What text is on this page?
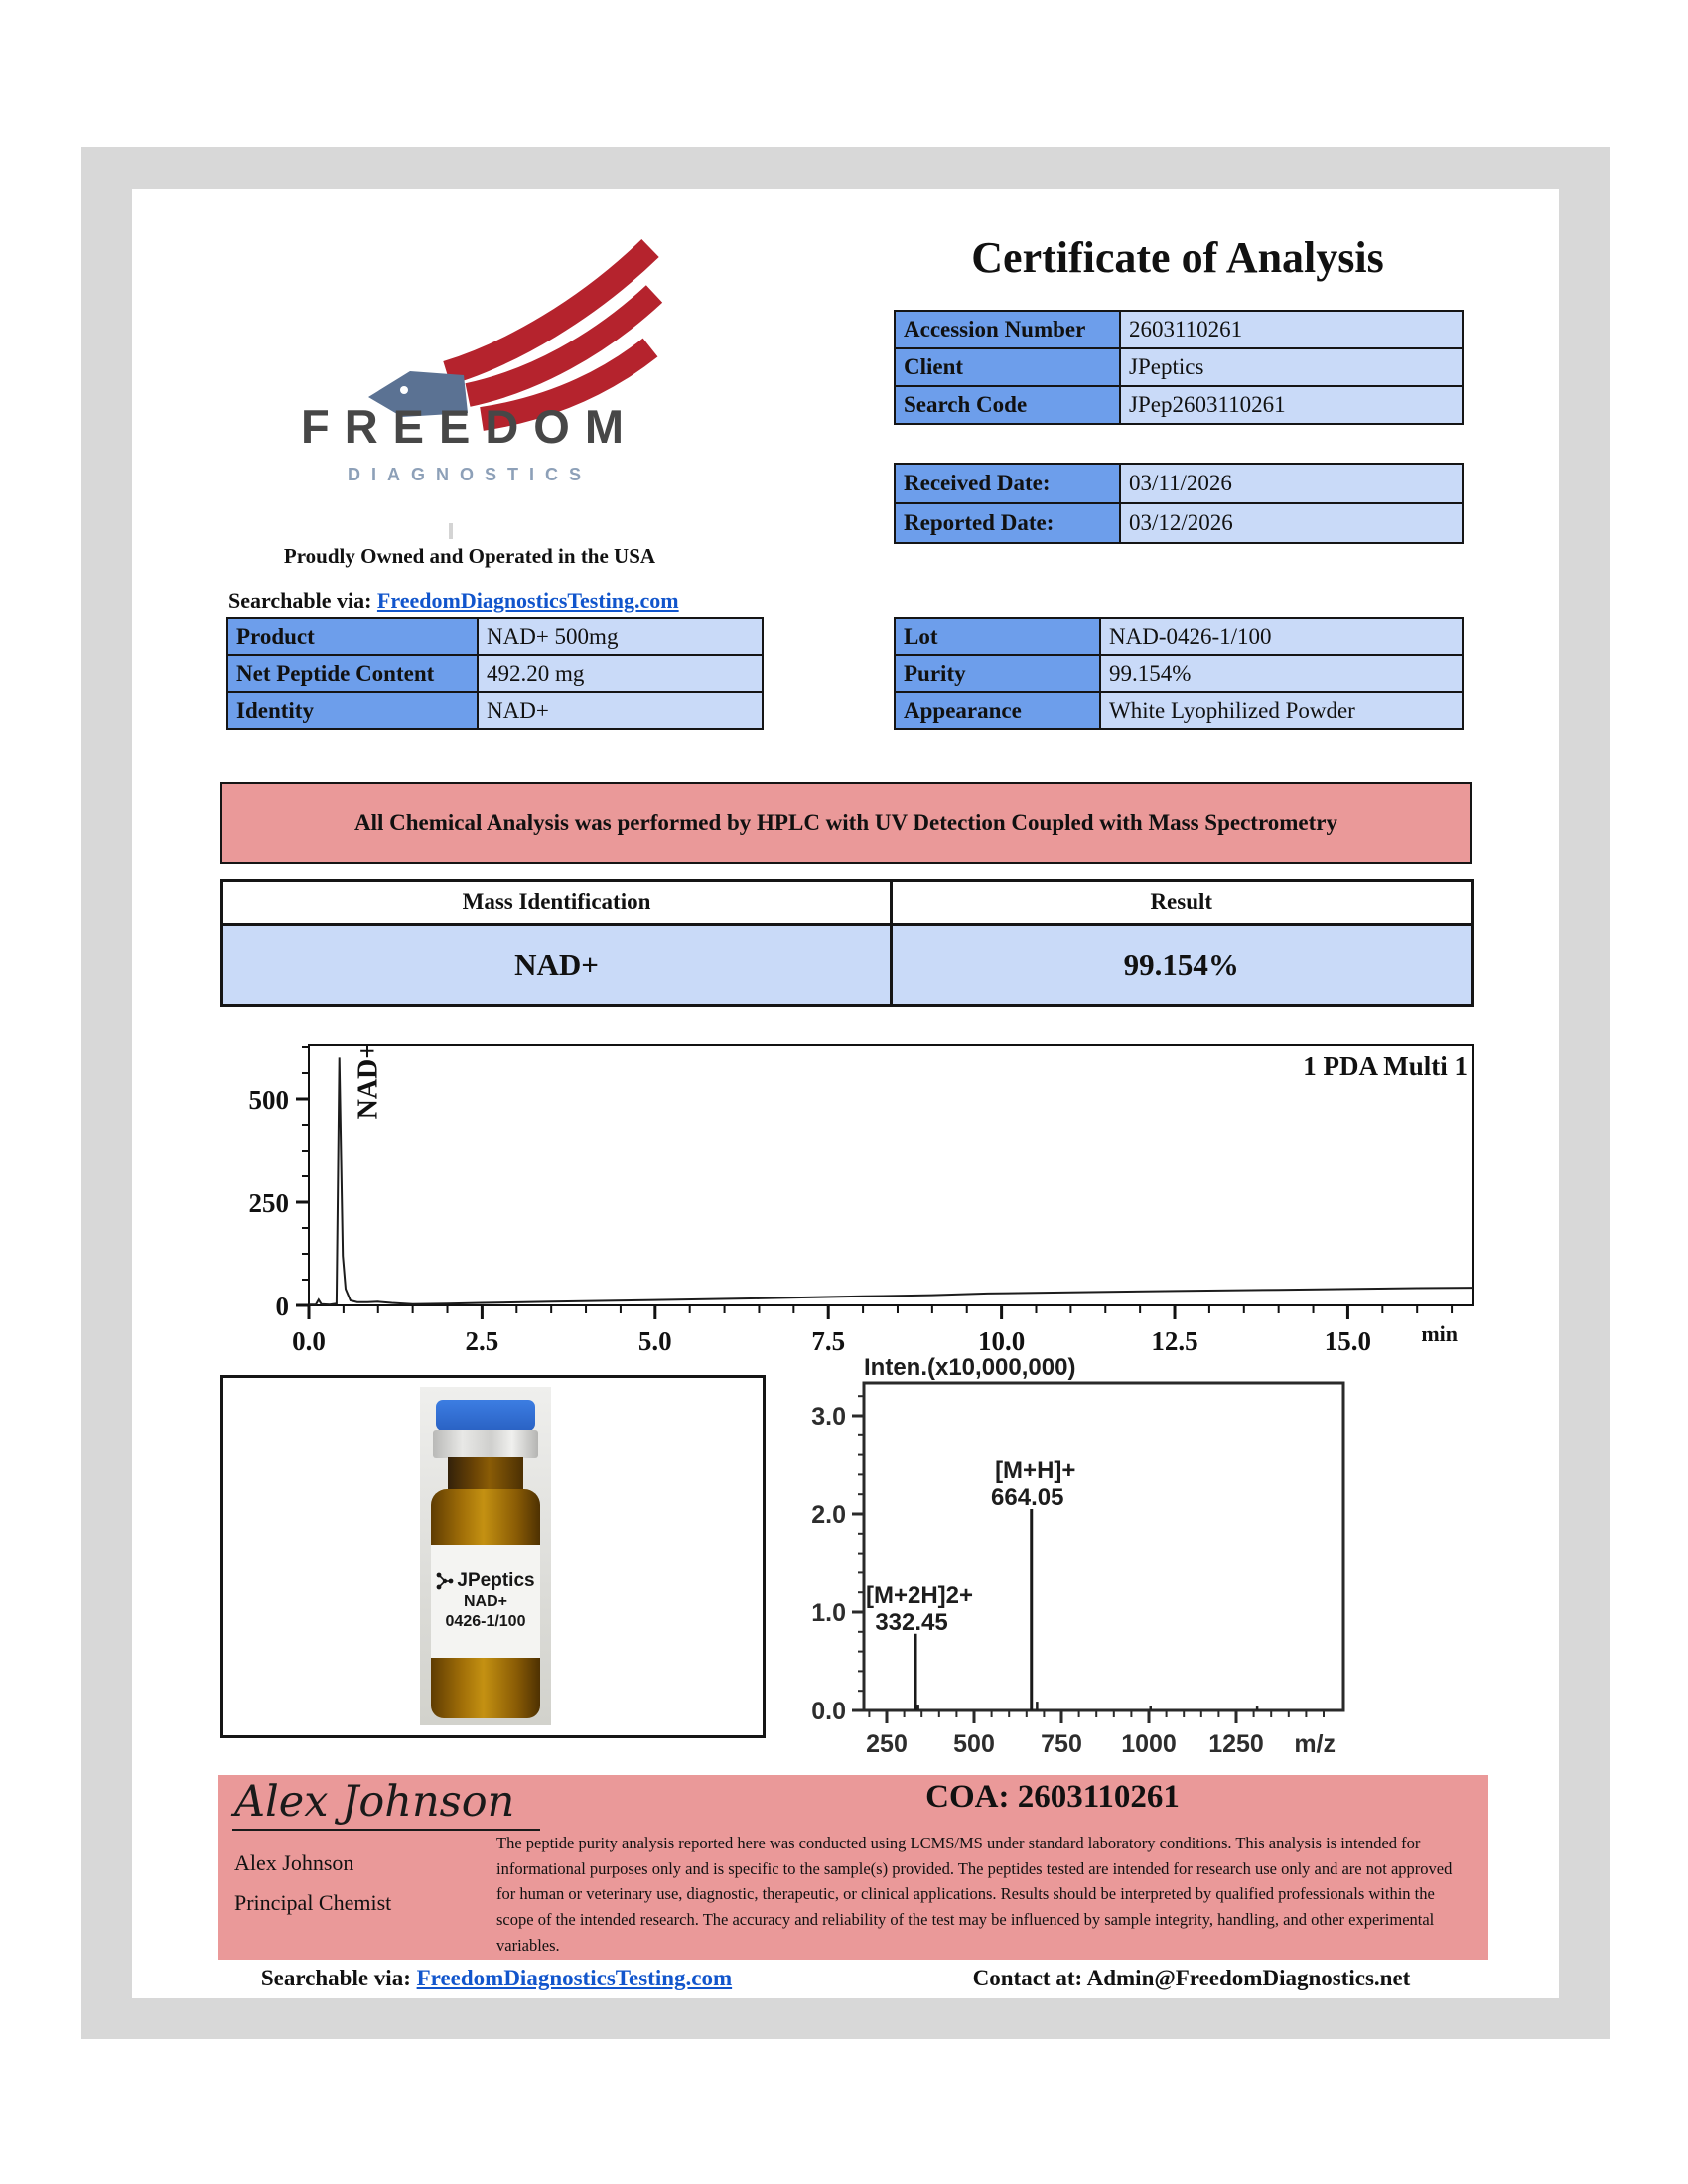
FREEDOM
DIAGNOSTICS
Proudly Owned and Operated in the USA
Searchable via: FreedomDiagnosticsTesting.com
Certificate of Analysis
Accession Number	2603110261
Client	JPeptics
Search Code	JPep2603110261
Received Date:	03/11/2026
Reported Date:	03/12/2026
Product	NAD+ 500mg
Net Peptide Content	492.20 mg
Identity	NAD+
Lot	NAD-0426-1/100
Purity	99.154%
Appearance	White Lyophilized Powder
All Chemical Analysis was performed by HPLC with UV Detection Coupled with Mass Spectrometry
Mass Identification	Result
NAD+	99.154%
0
250
500
0.0	2.5	5.0	7.5	10.0	12.5	15.0
1 PDA Multi 1
min
NAD+
JPeptics
NAD+
0426-1/100
Inten.(x10,000,000)
0.0
1.0
2.0
3.0
250 500 750 1000 1250 m/z
[M+2H]2+
332.45
[M+H]+
664.05
Alex Johnson
Alex Johnson
Principal Chemist
COA: 2603110261
The peptide purity analysis reported here was conducted using LCMS/MS under standard laboratory conditions. This analysis is intended for informational purposes only and is specific to the sample(s) provided. The peptides tested are intended for research use only and are not approved for human or veterinary use, diagnostic, therapeutic, or clinical applications. Results should be interpreted by qualified professionals within the scope of the intended research. The accuracy and reliability of the test may be influenced by sample integrity, handling, and other experimental variables.
Searchable via: FreedomDiagnosticsTesting.com	Contact at: Admin@FreedomDiagnostics.net
